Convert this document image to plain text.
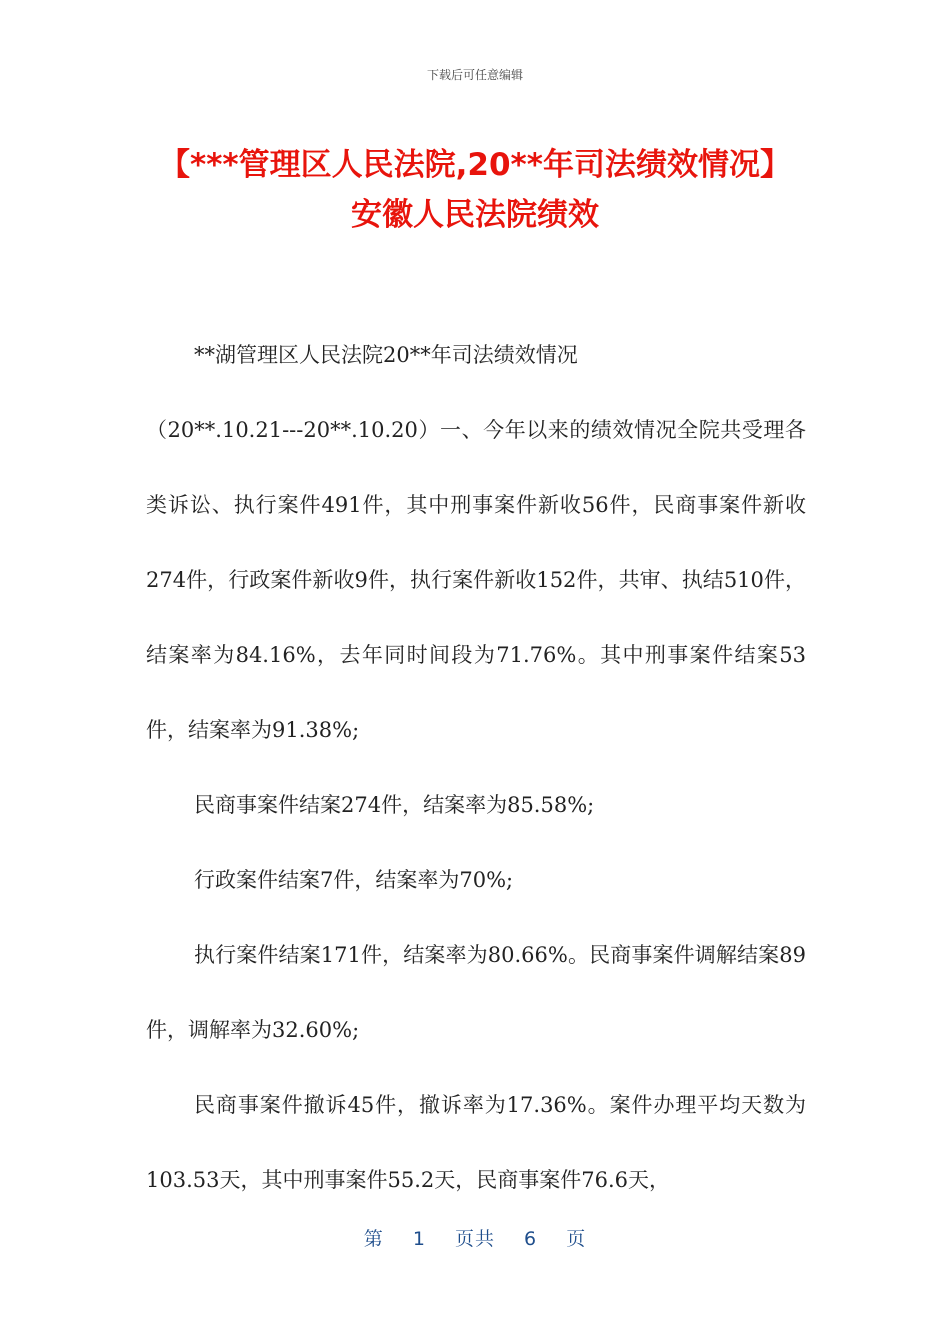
下载后可任意编辑
【***管理区人民法院,20**年司法绩效情况】安徽人民法院绩效

**湖管理区人民法院20**年司法绩效情况

（20**.10.21---20**.10.20）一、今年以来的绩效情况全院共受理各类诉讼、执行案件491件，其中刑事案件新收56件，民商事案件新收274件，行政案件新收9件，执行案件新收152件，共审、执结510件，结案率为84.16%，去年同时间段为71.76%。其中刑事案件结案53件，结案率为91.38%;

民商事案件结案274件，结案率为85.58%;

行政案件结案7件，结案率为70%;

执行案件结案171件，结案率为80.66%。民商事案件调解结案89件，调解率为32.60%;

民商事案件撤诉45件，撤诉率为17.36%。案件办理平均天数为103.53天，其中刑事案件55.2天，民商事案件76.6天，

第 1 页共 6 页
